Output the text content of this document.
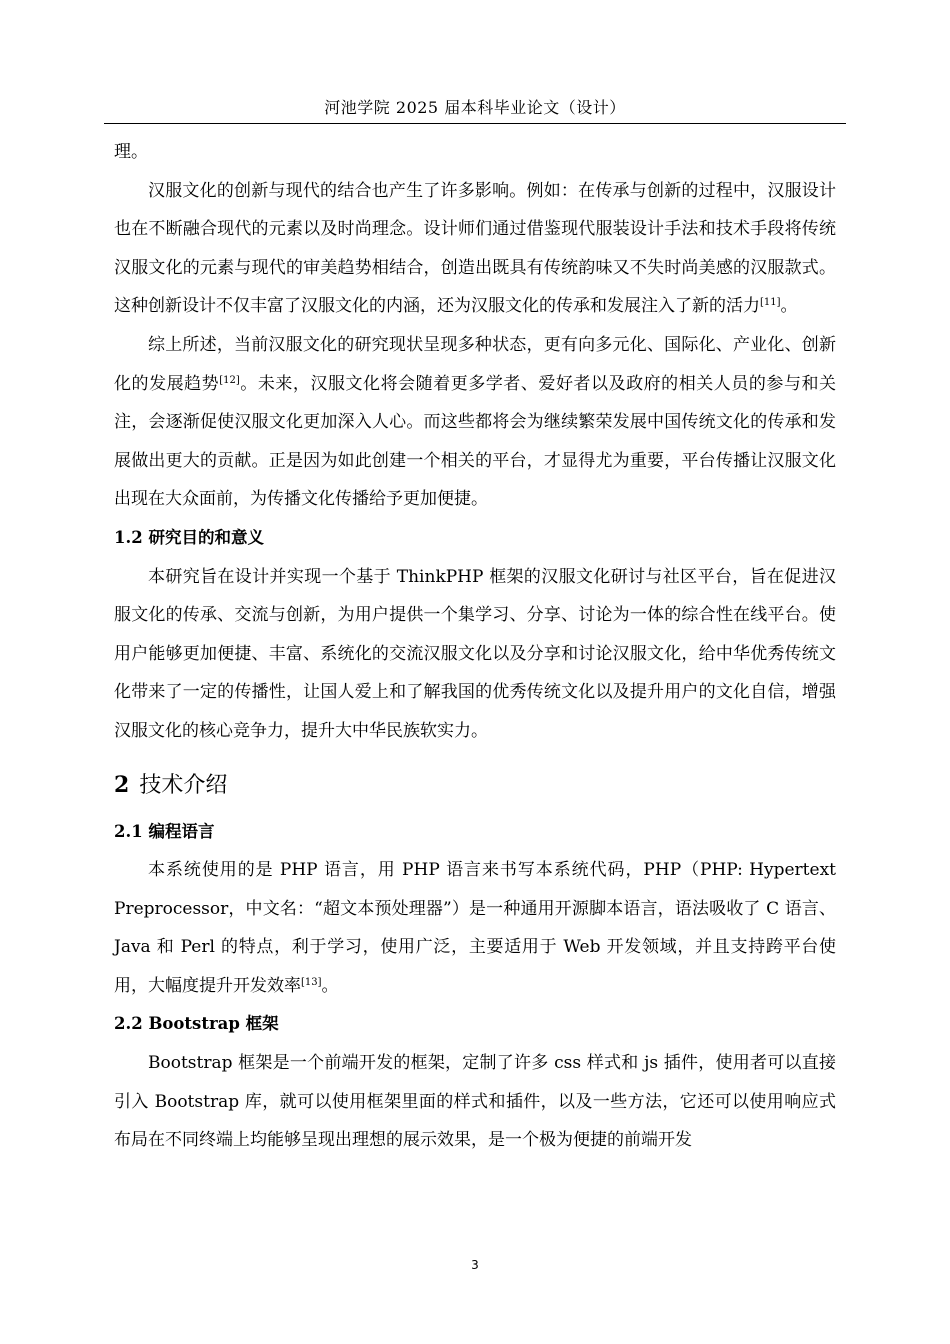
河池学院 2025 届本科毕业论文（设计）

理。

汉服文化的创新与现代的结合也产生了许多影响。例如：在传承与创新的过程中，汉服设计也在不断融合现代的元素以及时尚理念。设计师们通过借鉴现代服装设计手法和技术手段将传统汉服文化的元素与现代的审美趋势相结合，创造出既具有传统韵味又不失时尚美感的汉服款式。这种创新设计不仅丰富了汉服文化的内涵，还为汉服文化的传承和发展注入了新的活力[11]。

综上所述，当前汉服文化的研究现状呈现多种状态，更有向多元化、国际化、产业化、创新化的发展趋势[12]。未来，汉服文化将会随着更多学者、爱好者以及政府的相关人员的参与和关注，会逐渐促使汉服文化更加深入人心。而这些都将会为继续繁荣发展中国传统文化的传承和发展做出更大的贡献。正是因为如此创建一个相关的平台，才显得尤为重要，平台传播让汉服文化出现在大众面前，为传播文化传播给予更加便捷。

1.2 研究目的和意义

本研究旨在设计并实现一个基于 ThinkPHP 框架的汉服文化研讨与社区平台，旨在促进汉服文化的传承、交流与创新，为用户提供一个集学习、分享、讨论为一体的综合性在线平台。使用户能够更加便捷、丰富、系统化的交流汉服文化以及分享和讨论汉服文化，给中华优秀传统文化带来了一定的传播性，让国人爱上和了解我国的优秀传统文化以及提升用户的文化自信，增强汉服文化的核心竞争力，提升大中华民族软实力。

2 技术介绍
2.1 编程语言

本系统使用的是 PHP 语言，用 PHP 语言来书写本系统代码，PHP（PHP: Hypertext Preprocessor，中文名：“超文本预处理器”）是一种通用开源脚本语言，语法吸收了 C 语言、Java 和 Perl 的特点，利于学习，使用广泛，主要适用于 Web 开发领域，并且支持跨平台使用，大幅度提升开发效率[13]。

2.2 Bootstrap 框架

Bootstrap 框架是一个前端开发的框架，定制了许多 css 样式和 js 插件，使用者可以直接引入 Bootstrap 库，就可以使用框架里面的样式和插件，以及一些方法，它还可以使用响应式布局在不同终端上均能够呈现出理想的展示效果，是一个极为便捷的前端开发

3
